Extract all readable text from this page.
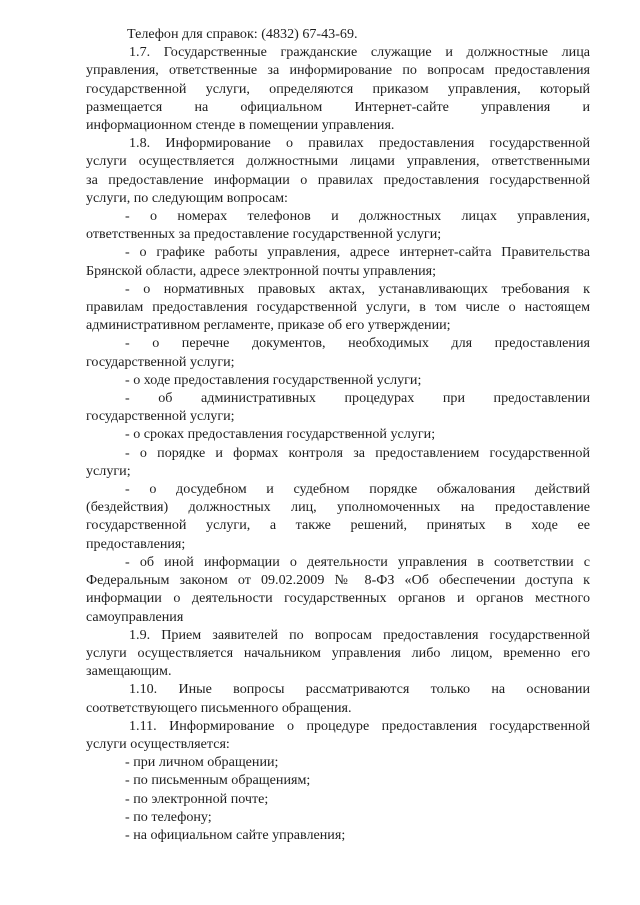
Телефон для справок: (4832) 67-43-69.
1.7. Государственные гражданские служащие и должностные лица
управления, ответственные за информирование по вопросам предоставления
государственной услуги, определяются приказом управления, который
размещается на официальном Интернет-сайте управления и
информационном стенде в помещении управления.
1.8. Информирование о правилах предоставления государственной
услуги осуществляется должностными лицами управления, ответственными
за предоставление информации о правилах предоставления государственной
услуги, по следующим вопросам:
- о номерах телефонов и должностных лицах управления,
ответственных за предоставление государственной услуги;
- о графике работы управления, адресе интернет-сайта Правительства
Брянской области, адресе электронной почты управления;
- о нормативных правовых актах, устанавливающих требования к
правилам предоставления государственной услуги, в том числе о настоящем
административном регламенте, приказе об его утверждении;
- о перечне документов, необходимых для предоставления
государственной услуги;
- о ходе предоставления государственной услуги;
- об административных процедурах при предоставлении
государственной услуги;
- о сроках предоставления государственной услуги;
- о порядке и формах контроля за предоставлением государственной
услуги;
- о досудебном и судебном порядке обжалования действий
(бездействия) должностных лиц, уполномоченных на предоставление
государственной услуги, а также решений, принятых в ходе ее
предоставления;
- об иной информации о деятельности управления в соответствии с
Федеральным законом от 09.02.2009 № 8-ФЗ «Об обеспечении доступа к
информации о деятельности государственных органов и органов местного
самоуправления
1.9. Прием заявителей по вопросам предоставления государственной
услуги осуществляется начальником управления либо лицом, временно его
замещающим.
1.10. Иные вопросы рассматриваются только на основании
соответствующего письменного обращения.
1.11. Информирование о процедуре предоставления государственной
услуги осуществляется:
- при личном обращении;
- по письменным обращениям;
- по электронной почте;
- по телефону;
- на официальном сайте управления;
